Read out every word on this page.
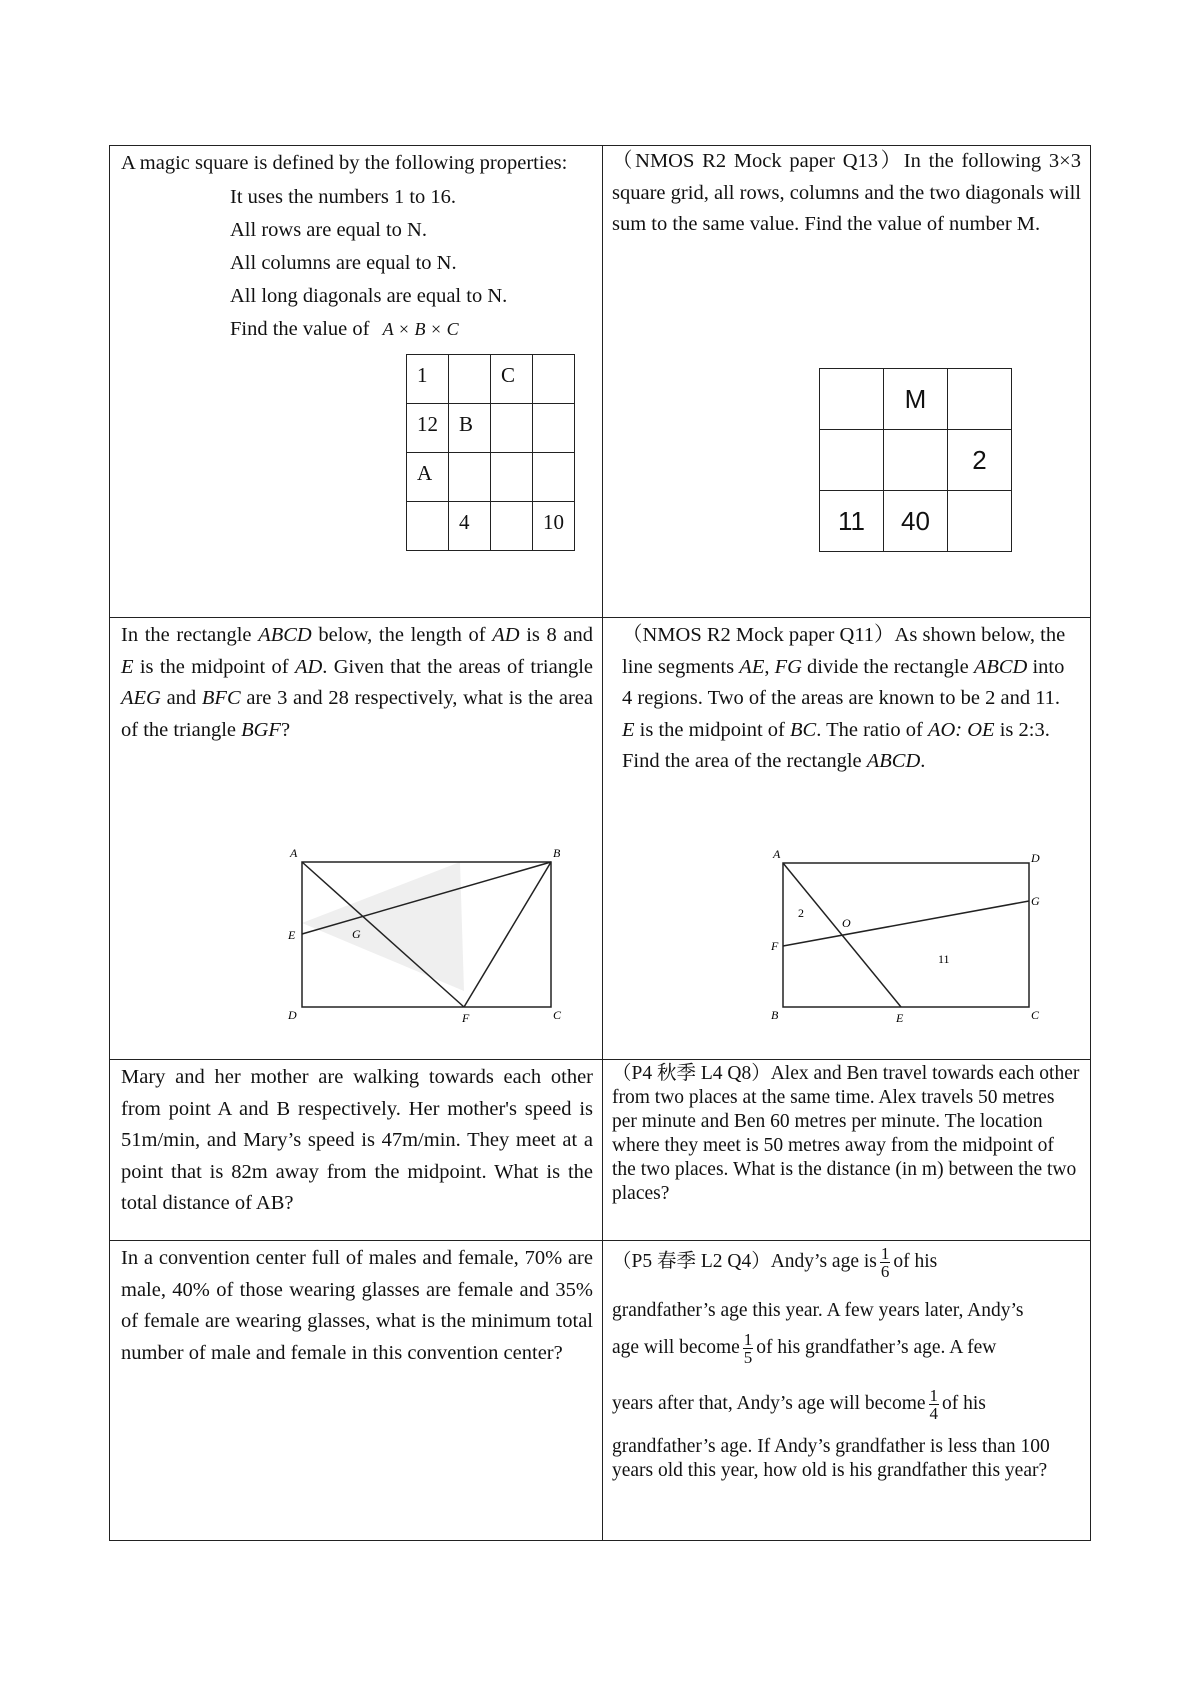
A magic square is defined by the following properties:
It uses the numbers 1 to 16.
All rows are equal to N.
All columns are equal to N.
All long diagonals are equal to N.
Find the value of A × B × C
1		C	
12	B		
A			
	4		10

（NMOS R2 Mock paper Q13）In the following 3×3 square grid, all rows, columns and the two diagonals will sum to the same value. Find the value of number M.
	M	
		2
11	40	

In the rectangle ABCD below, the length of AD is 8 and E is the midpoint of AD. Given that the areas of triangle AEG and BFC are 3 and 28 respectively, what is the area of the triangle BGF?
A	B
C
D
E
F
G

（NMOS R2 Mock paper Q11）As shown below, the line segments AE, FG divide the rectangle ABCD into 4 regions. Two of the areas are known to be 2 and 11. E is the midpoint of BC. The ratio of AO: OE is 2:3. Find the area of the rectangle ABCD.
A	D
G
F
B	E	C
O
2
11

Mary and her mother are walking towards each other from point A and B respectively. Her mother's speed is 51m/min, and Mary’s speed is 47m/min. They meet at a point that is 82m away from the midpoint. What is the total distance of AB?

（P4 秋季 L4 Q8）Alex and Ben travel towards each other from two places at the same time. Alex travels 50 metres per minute and Ben 60 metres per minute. The location where they meet is 50 metres away from the midpoint of the two places. What is the distance (in m) between the two places?

In a convention center full of males and female, 70% are male, 40% of those wearing glasses are female and 35% of female are wearing glasses, what is the minimum total number of male and female in this convention center?

（P5 春季 L2 Q4）Andy’s age is $\frac{1}{6}$ of his
grandfather’s age this year. A few years later, Andy’s
age will become $\frac{1}{5}$ of his grandfather’s age. A few
years after that, Andy’s age will become $\frac{1}{4}$ of his
grandfather’s age. If Andy’s grandfather is less than 100 years old this year, how old is his grandfather this year?
